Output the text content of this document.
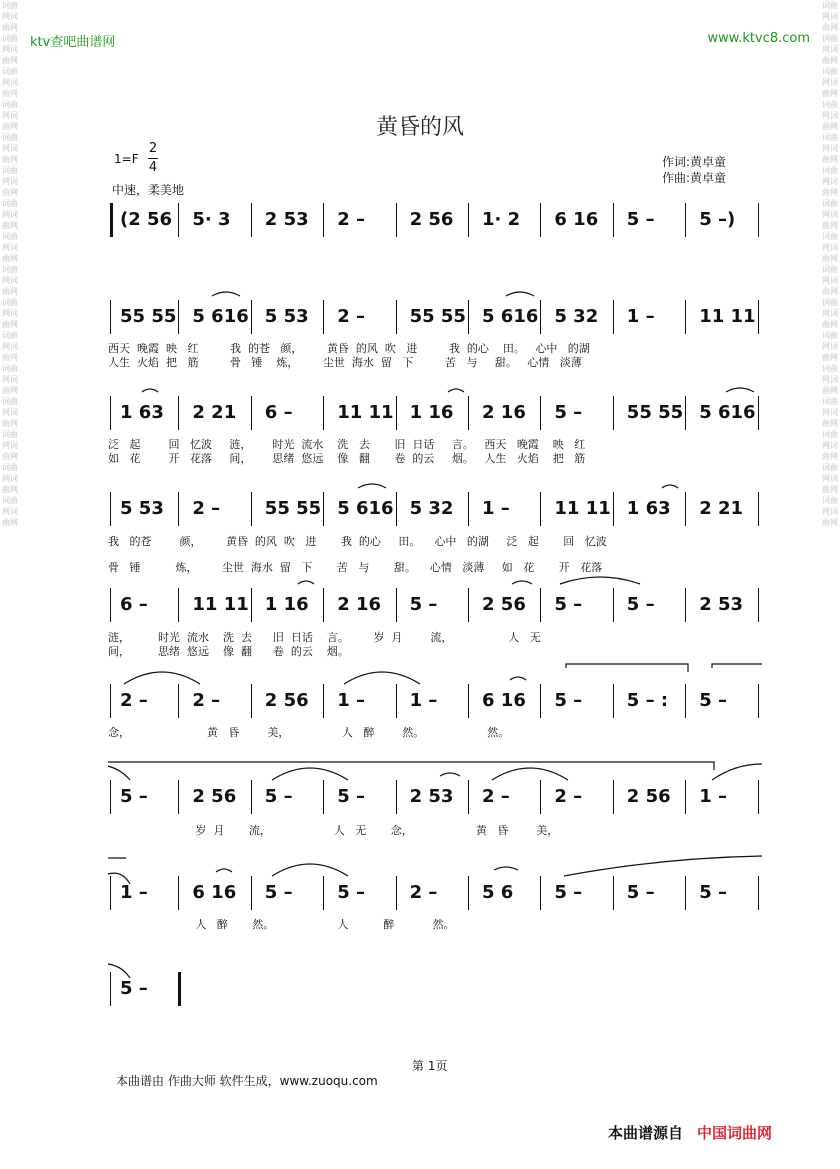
词曲网词曲网词曲网词曲网词曲网词曲网词曲网词曲网词曲网词曲网词曲网词曲网词曲网词曲网词曲网词曲网词曲网词曲网词曲网词曲网词曲网词曲网词曲网词曲网词曲网词曲网词曲网词曲网词曲网词曲网词曲网词曲网
词曲网词曲网词曲网词曲网词曲网词曲网词曲网词曲网词曲网词曲网词曲网词曲网词曲网词曲网词曲网词曲网词曲网词曲网词曲网词曲网词曲网词曲网词曲网词曲网词曲网词曲网词曲网词曲网词曲网词曲网词曲网词曲网
ktv查吧曲谱网	www.ktvc8.com
黄昏的风
1=F
2
4
中速，柔美地
作词:黄卓童
作曲:黄卓童
(2 56 5· 3 2 53 2 – 2 56 1· 2 6 16 5 – 5 –)
55 55 5 616 5 53 2 – 55 55 5 616 5 32 1 – 11 11
1 63 2 21 6 – 11 11 1 16 2 16 5 – 55 55 5 616
5 53 2 – 55 55 5 616 5 32 1 – 11 11 1 63 2 21
6 – 11 11 1 16 2 16 5 – 2 56 5 – 5 – 2 53
2 – 2 – 2 56 1 – 1 – 6 16 5 – 5 – : 5 –
5 – 2 56 5 – 5 – 2 53 2 – 2 – 2 56 1 –
1 – 6 16 5 – 5 – 2 – 5 6 5 – 5 – 5 –
5 –
西天  晚霞  映   红         我  的苍   颜，       黄昏  的风  吹   进         我  的心    田。   心中   的湖
人生  火焰  把   筋         骨   锤    炼，       尘世  海水  留   下         苦   与     甜。   心情   淡薄
泛   起        回   忆波     涟，      时光  流水    洗   去       旧  日话     言。   西天   晚霞    映   红
如   花        开   花落     间，      思绪  悠远    像   翻       卷  的云     烟。   人生   火焰    把   筋
我   的苍        颜，       黄昏  的风  吹   进       我  的心     田。    心中   的湖     泛   起       回   忆波
骨   锤          炼，       尘世  海水  留   下       苦   与       甜。    心情   淡薄     如   花       开   花落
涟，        时光  流水    洗  去      旧  日话    言。       岁  月        流，                人   无
间，        思绪  悠远    像  翻      卷  的云    烟。
念，                      黄   昏        美，               人   醉        然。                  然。
岁  月       流，                  人   无       念，                  黄   昏        美，
人   醉       然。                  人          醉           然。
第 1页
本曲谱由 作曲大师 软件生成，www.zuoqu.com
本曲谱源自 中国词曲网
